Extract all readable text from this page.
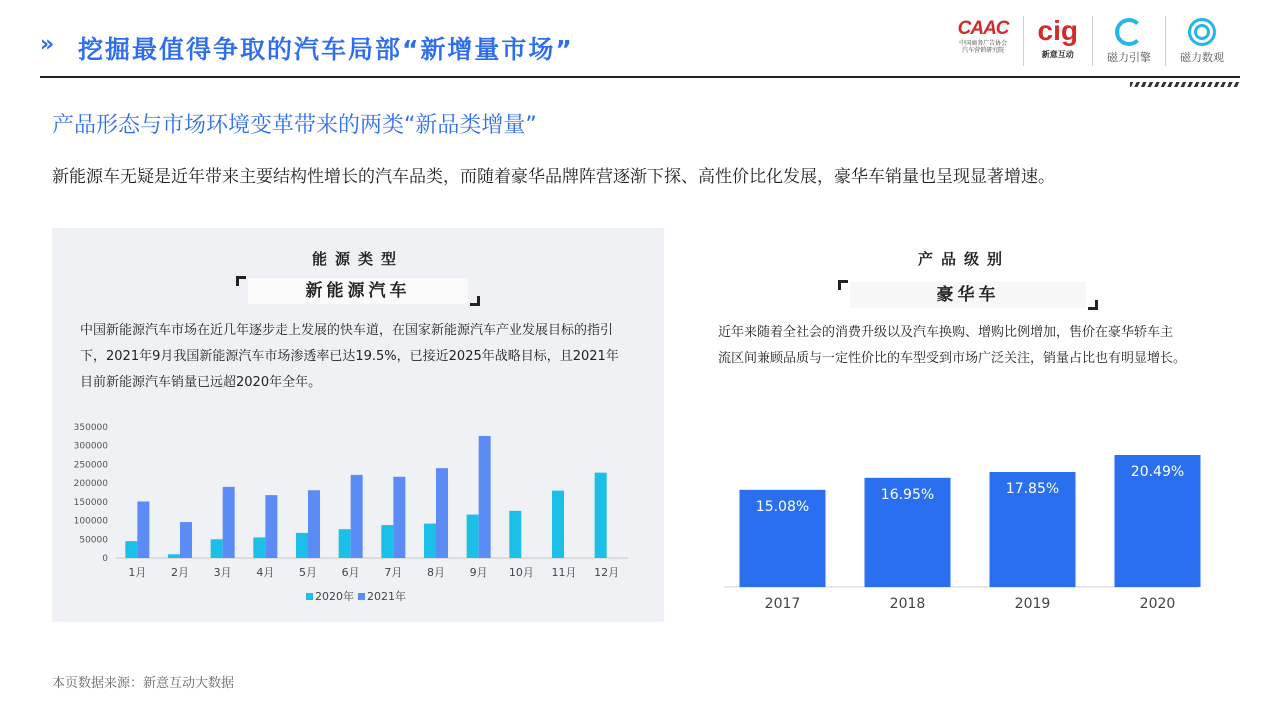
» 挖掘最值得争取的汽车局部“新增量市场”
CAAC
中国商务广告协会
汽车营销研究院
cig
新意互动	磁力引擎	磁力数观
产品形态与市场环境变革带来的两类“新品类增量”
新能源车无疑是近年带来主要结构性增长的汽车品类，而随着豪华品牌阵营逐渐下探、高性价比化发展，豪华车销量也呈现显著增速。
能源类型
新能源汽车
中国新能源汽车市场在近几年逐步走上发展的快车道，在国家新能源汽车产业发展目标的指引
下，2021年9月我国新能源汽车市场渗透率已达19.5%，已接近2025年战略目标，且2021年
目前新能源汽车销量已远超2020年全年。
0
50000
100000
150000
200000
250000
300000
350000
1月 2月 3月 4月 5月 6月 7月 8月 9月 10月 11月 12月
2020年 2021年
产品级别
豪华车
近年来随着全社会的消费升级以及汽车换购、增购比例增加，售价在豪华轿车主
流区间兼顾品质与一定性价比的车型受到市场广泛关注，销量占比也有明显增长。
15.08%
2017
16.95%
2018
17.85%
2019
20.49%
2020
本页数据来源：新意互动大数据
